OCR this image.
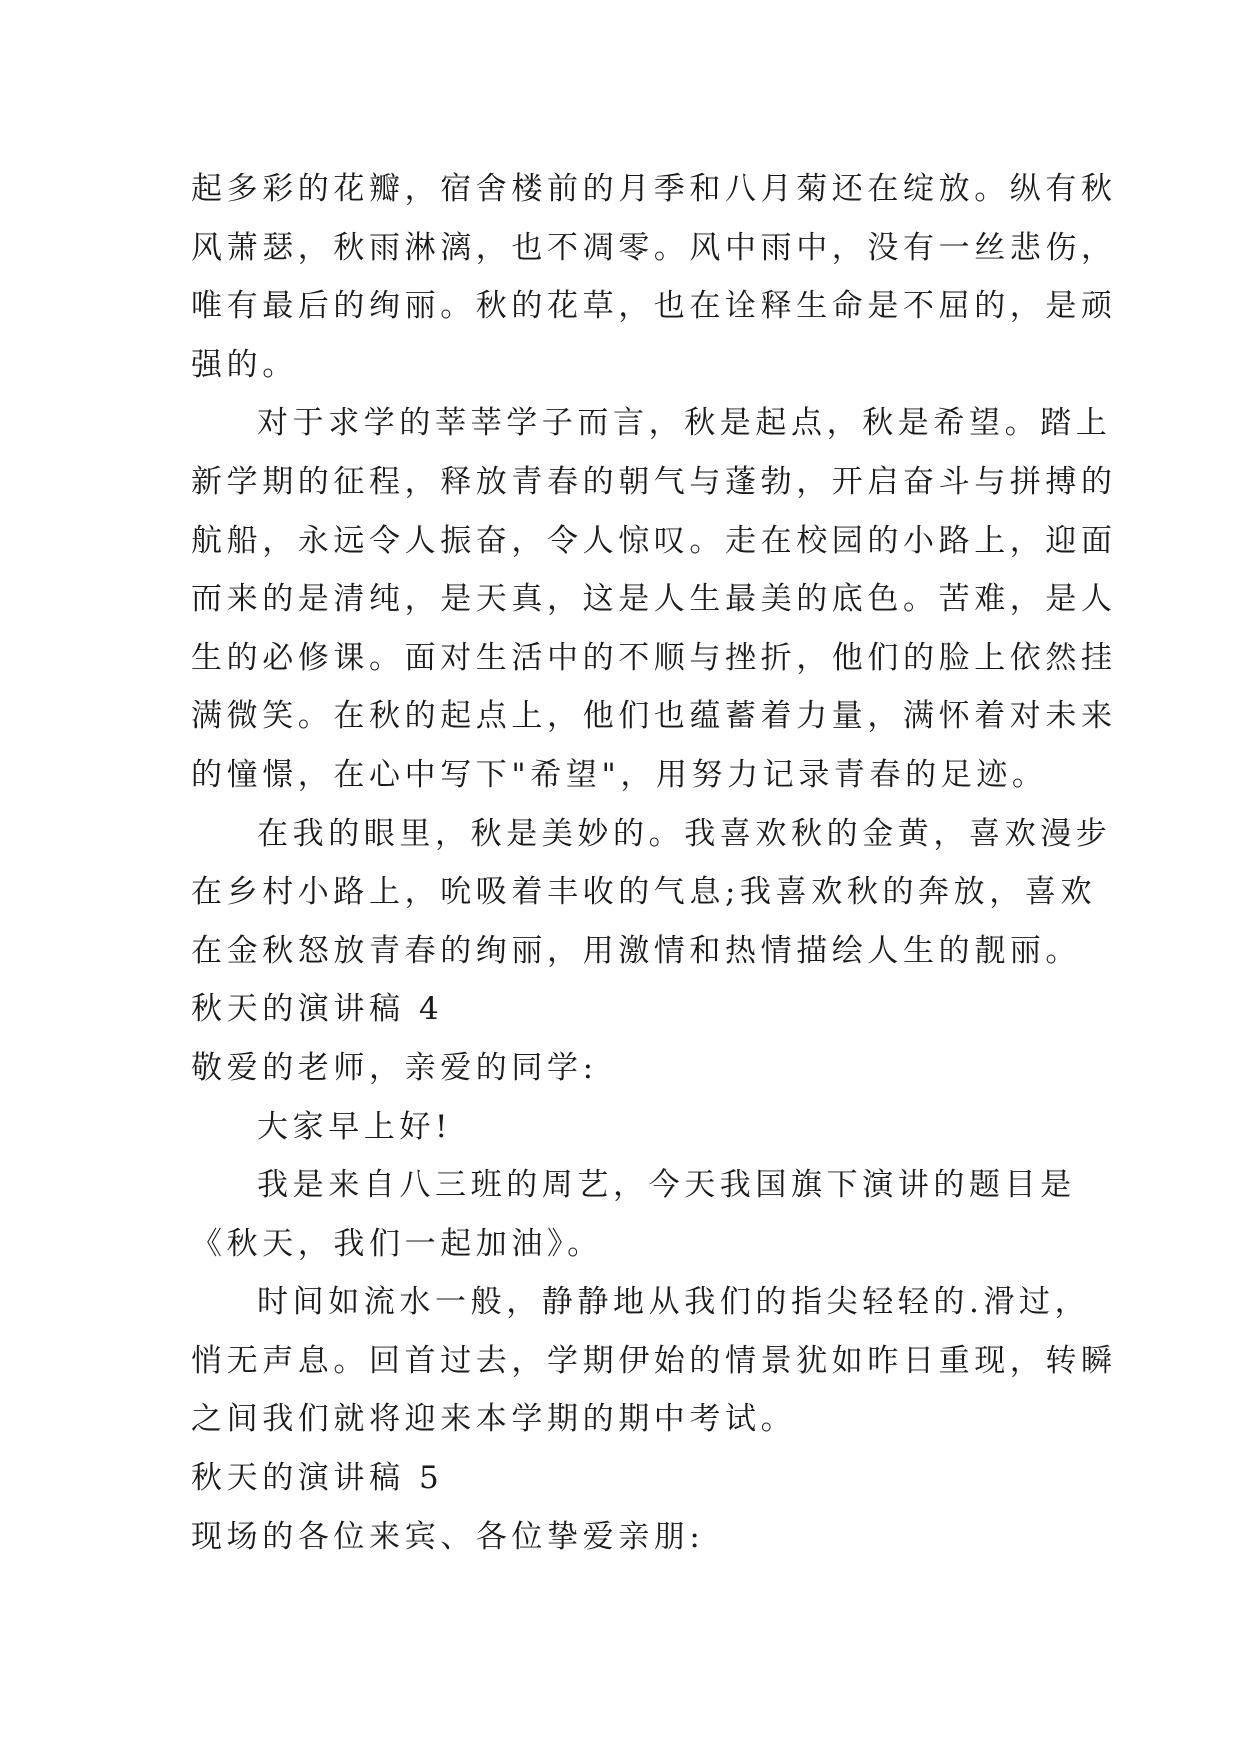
起多彩的花瓣，宿舍楼前的月季和八月菊还在绽放。纵有秋
风萧瑟，秋雨淋漓，也不凋零。风中雨中，没有一丝悲伤，
唯有最后的绚丽。秋的花草，也在诠释生命是不屈的，是顽
强的。
对于求学的莘莘学子而言，秋是起点，秋是希望。踏上
新学期的征程，释放青春的朝气与蓬勃，开启奋斗与拼搏的
航船，永远令人振奋，令人惊叹。走在校园的小路上，迎面
而来的是清纯，是天真，这是人生最美的底色。苦难，是人
生的必修课。面对生活中的不顺与挫折，他们的脸上依然挂
满微笑。在秋的起点上，他们也蕴蓄着力量，满怀着对未来
的憧憬，在心中写下"希望"，用努力记录青春的足迹。
在我的眼里，秋是美妙的。我喜欢秋的金黄，喜欢漫步
在乡村小路上，吮吸着丰收的气息;我喜欢秋的奔放，喜欢
在金秋怒放青春的绚丽，用激情和热情描绘人生的靓丽。
秋天的演讲稿 4
敬爱的老师，亲爱的同学:
大家早上好!
我是来自八三班的周艺，今天我国旗下演讲的题目是
《秋天，我们一起加油》。
时间如流水一般，静静地从我们的指尖轻轻的.滑过，
悄无声息。回首过去，学期伊始的情景犹如昨日重现，转瞬
之间我们就将迎来本学期的期中考试。
秋天的演讲稿 5
现场的各位来宾、各位挚爱亲朋:
